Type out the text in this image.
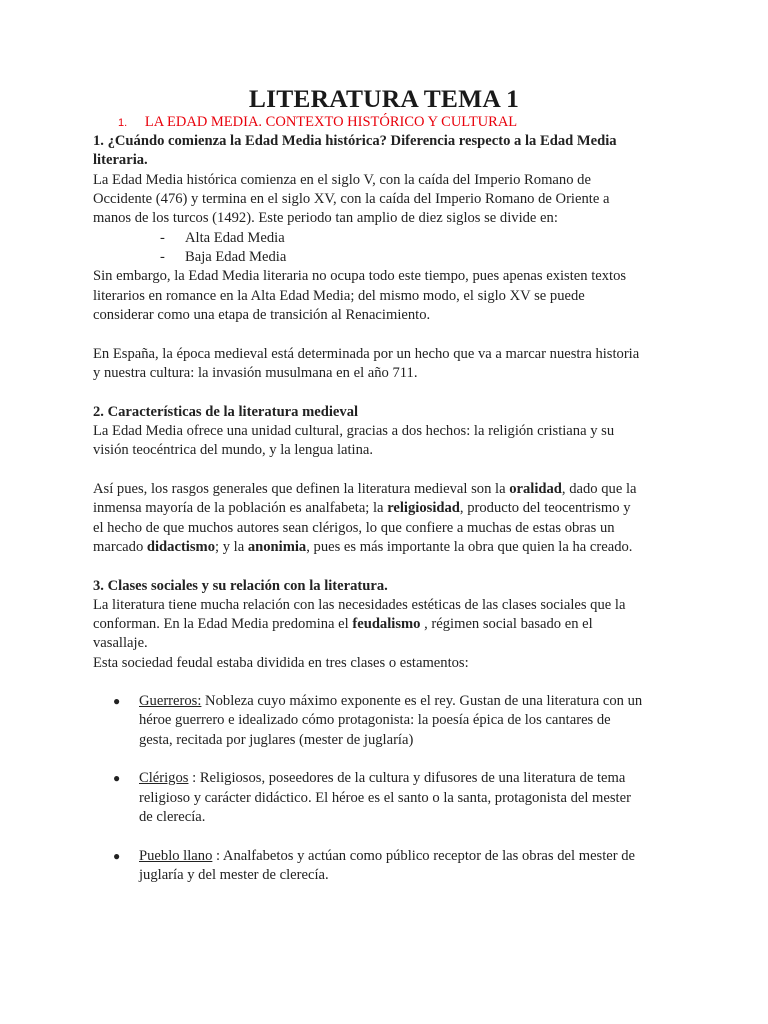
LITERATURA TEMA 1
1. LA EDAD MEDIA. CONTEXTO HISTÓRICO Y CULTURAL
1. ¿Cuándo comienza la Edad Media histórica? Diferencia respecto a la Edad Media
literaria.
La Edad Media histórica comienza en el siglo V, con la caída del Imperio Romano de
Occidente (476) y termina en el siglo XV, con la caída del Imperio Romano de Oriente a
manos de los turcos (1492). Este periodo tan amplio de diez siglos se divide en:
- Alta Edad Media
- Baja Edad Media
Sin embargo, la Edad Media literaria no ocupa todo este tiempo, pues apenas existen textos
literarios en romance en la Alta Edad Media; del mismo modo, el siglo XV se puede
considerar como una etapa de transición al Renacimiento.
En España, la época medieval está determinada por un hecho que va a marcar nuestra historia
y nuestra cultura: la invasión musulmana en el año 711.
2. Características de la literatura medieval
La Edad Media ofrece una unidad cultural, gracias a dos hechos: la religión cristiana y su
visión teocéntrica del mundo, y la lengua latina.
Así pues, los rasgos generales que definen la literatura medieval son la oralidad, dado que la
inmensa mayoría de la población es analfabeta; la religiosidad, producto del teocentrismo y
el hecho de que muchos autores sean clérigos, lo que confiere a muchas de estas obras un
marcado didactismo; y la anonimia, pues es más importante la obra que quien la ha creado.
3. Clases sociales y su relación con la literatura.
La literatura tiene mucha relación con las necesidades estéticas de las clases sociales que la
conforman. En la Edad Media predomina el feudalismo , régimen social basado en el
vasallaje.
Esta sociedad feudal estaba dividida en tres clases o estamentos:
● Guerreros: Nobleza cuyo máximo exponente es el rey. Gustan de una literatura con un
héroe guerrero e idealizado cómo protagonista: la poesía épica de los cantares de
gesta, recitada por juglares (mester de juglaría)
● Clérigos : Religiosos, poseedores de la cultura y difusores de una literatura de tema
religioso y carácter didáctico. El héroe es el santo o la santa, protagonista del mester
de clerecía.
● Pueblo llano : Analfabetos y actúan como público receptor de las obras del mester de
juglaría y del mester de clerecía.
